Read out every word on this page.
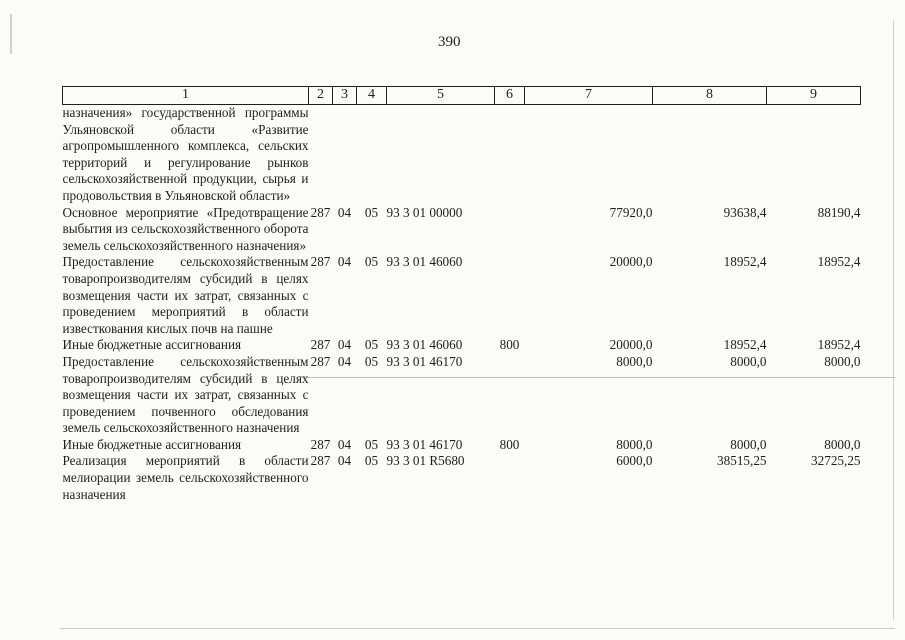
390
1	2	3	4	5	6	7	8	9
назначения» государственной программы Ульяновской области «Развитие агропромышленного комплекса, сельских территорий и регулирование рынков сельскохозяйственной продукции, сырья и продовольствия в Ульяновской области»								
Основное мероприятие «Предотвращение выбытия из сельскохозяйственного оборота земель сельскохозяйственного назначения»	287	04	05	93 3 01 00000		77920,0	93638,4	88190,4
Предоставление сельскохозяйственным товаропроизводителям субсидий в целях возмещения части их затрат, связанных с проведением мероприятий в области известкования кислых почв на пашне	287	04	05	93 3 01 46060		20000,0	18952,4	18952,4
Иные бюджетные ассигнования	287	04	05	93 3 01 46060	800	20000,0	18952,4	18952,4
Предоставление сельскохозяйственным товаропроизводителям субсидий в целях возмещения части их затрат, связанных с проведением почвенного обследования земель сельскохозяйственного назначения	287	04	05	93 3 01 46170		8000,0	8000,0	8000,0
Иные бюджетные ассигнования	287	04	05	93 3 01 46170	800	8000,0	8000,0	8000,0
Реализация мероприятий в области мелиорации земель сельскохозяйственного назначения	287	04	05	93 3 01 R5680		6000,0	38515,25	32725,25
